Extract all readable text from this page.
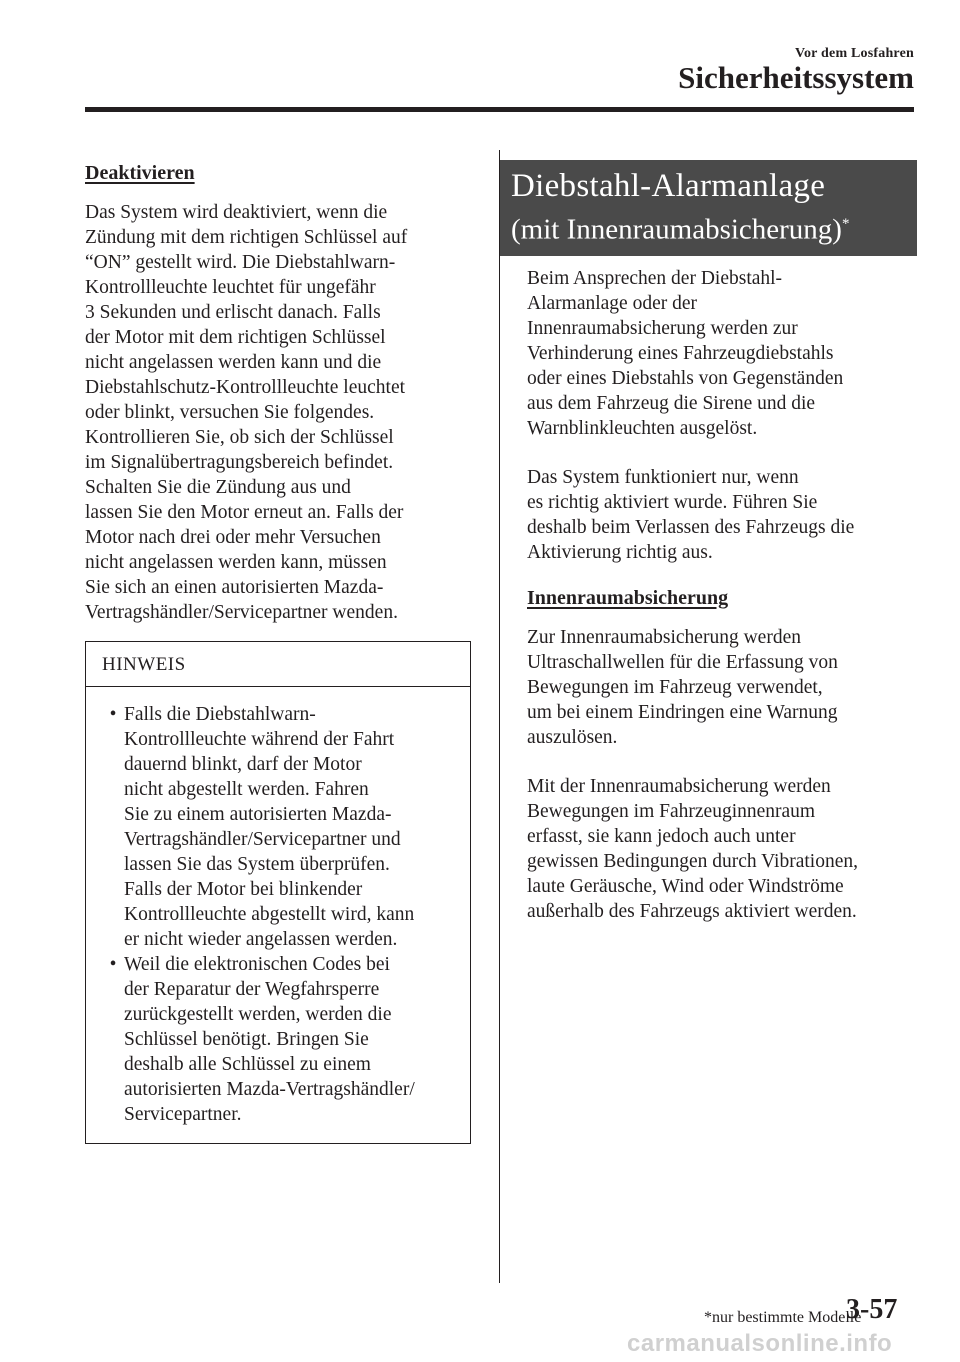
Vor dem Losfahren
Sicherheitssystem

Deaktivieren

Das System wird deaktiviert, wenn die
Zündung mit dem richtigen Schlüssel auf
“ON” gestellt wird. Die Diebstahlwarn-
Kontrollleuchte leuchtet für ungefähr
3 Sekunden und erlischt danach. Falls
der Motor mit dem richtigen Schlüssel
nicht angelassen werden kann und die
Diebstahlschutz-Kontrollleuchte leuchtet
oder blinkt, versuchen Sie folgendes.
Kontrollieren Sie, ob sich der Schlüssel
im Signalübertragungsbereich befindet.
Schalten Sie die Zündung aus und
lassen Sie den Motor erneut an. Falls der
Motor nach drei oder mehr Versuchen
nicht angelassen werden kann, müssen
Sie sich an einen autorisierten Mazda-
Vertragshändler/Servicepartner wenden.

HINWEIS
• Falls die Diebstahlwarn-
Kontrollleuchte während der Fahrt
dauernd blinkt, darf der Motor
nicht abgestellt werden. Fahren
Sie zu einem autorisierten Mazda-
Vertragshändler/Servicepartner und
lassen Sie das System überprüfen.
Falls der Motor bei blinkender
Kontrollleuchte abgestellt wird, kann
er nicht wieder angelassen werden.
• Weil die elektronischen Codes bei
der Reparatur der Wegfahrsperre
zurückgestellt werden, werden die
Schlüssel benötigt. Bringen Sie
deshalb alle Schlüssel zu einem
autorisierten Mazda-Vertragshändler/
Servicepartner.
Diebstahl-Alarmanlage
(mit Innenraumabsicherung)*

Beim Ansprechen der Diebstahl-
Alarmanlage oder der
Innenraumabsicherung werden zur
Verhinderung eines Fahrzeugdiebstahls
oder eines Diebstahls von Gegenständen
aus dem Fahrzeug die Sirene und die
Warnblinkleuchten ausgelöst.

Das System funktioniert nur, wenn
es richtig aktiviert wurde. Führen Sie
deshalb beim Verlassen des Fahrzeugs die
Aktivierung richtig aus.

Innenraumabsicherung

Zur Innenraumabsicherung werden
Ultraschallwellen für die Erfassung von
Bewegungen im Fahrzeug verwendet,
um bei einem Eindringen eine Warnung
auszulösen.

Mit der Innenraumabsicherung werden
Bewegungen im Fahrzeuginnenraum
erfasst, sie kann jedoch auch unter
gewissen Bedingungen durch Vibrationen,
laute Geräusche, Wind oder Windströme
außerhalb des Fahrzeugs aktiviert werden.

*nur bestimmte Modelle
3-57
carmanualsonline.info
